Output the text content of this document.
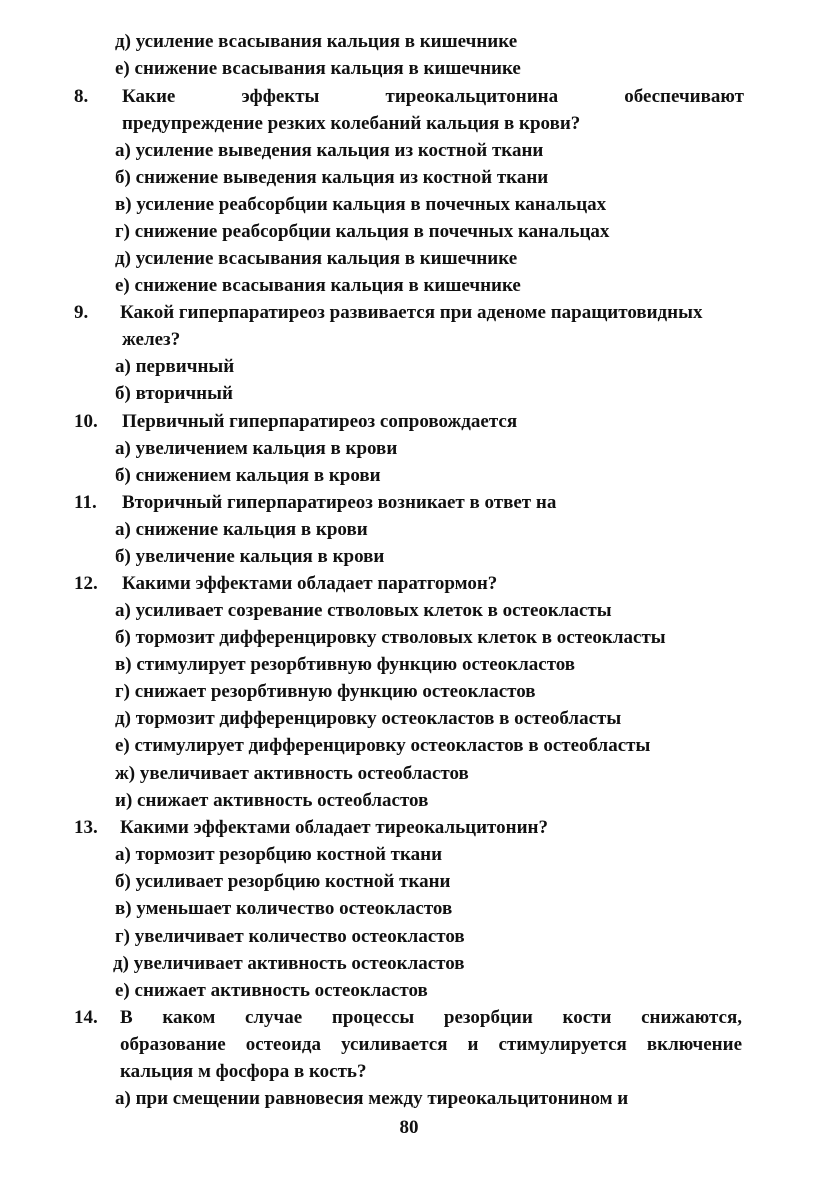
д) усиление всасывания кальция в кишечнике
е) снижение всасывания кальция в кишечнике
8. Какие эффекты тиреокальцитонина обеспечивают
предупреждение резких колебаний кальция в крови?
а) усиление выведения кальция из костной ткани
б) снижение выведения кальция из костной ткани
в) усиление реабсорбции кальция в почечных канальцах
г) снижение реабсорбции кальция в почечных канальцах
д) усиление всасывания кальция в кишечнике
е) снижение всасывания кальция в кишечнике
9. Какой гиперпаратиреоз развивается при аденоме паращитовидных
желез?
а) первичный
б) вторичный
10. Первичный гиперпаратиреоз сопровождается
а) увеличением кальция в крови
б) снижением кальция в крови
11. Вторичный гиперпаратиреоз возникает в ответ на
а) снижение кальция в крови
б) увеличение кальция в крови
12. Какими эффектами обладает паратгормон?
а) усиливает созревание стволовых клеток в остеокласты
б) тормозит дифференцировку стволовых клеток в остеокласты
в) стимулирует резорбтивную функцию остеокластов
г) снижает резорбтивную функцию остеокластов
д) тормозит дифференцировку остеокластов в остеобласты
е) стимулирует дифференцировку остеокластов в остеобласты
ж) увеличивает активность остеобластов
и) снижает активность остеобластов
13. Какими эффектами обладает тиреокальцитонин?
а) тормозит резорбцию костной ткани
б) усиливает резорбцию костной ткани
в) уменьшает количество остеокластов
г) увеличивает количество остеокластов
д) увеличивает активность остеокластов
е) снижает активность остеокластов
14. В каком случае процессы резорбции кости снижаются,
образование остеоида усиливается и стимулируется включение
кальция м фосфора в кость?
а) при смещении равновесия между тиреокальцитонином и
80
